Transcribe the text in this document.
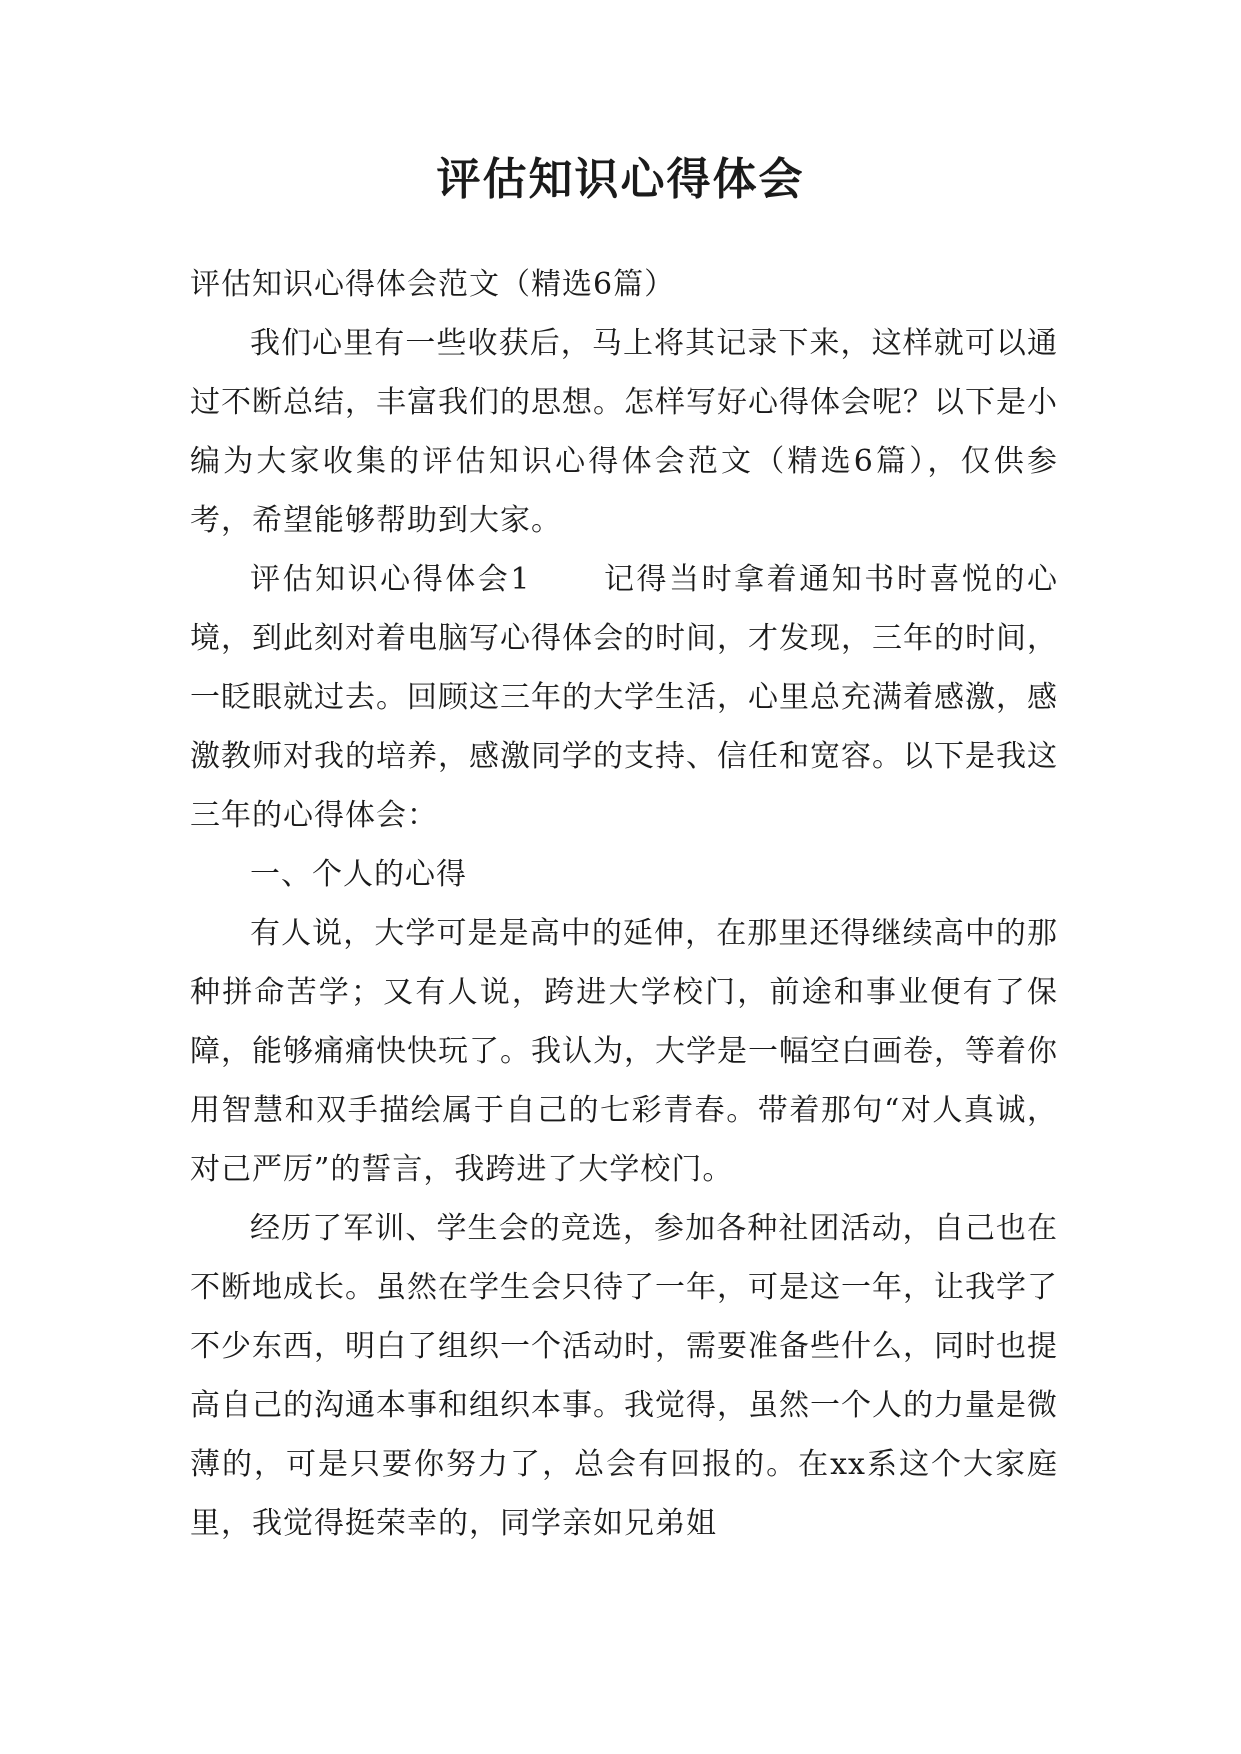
评估知识心得体会

评估知识心得体会范文（精选6篇）

我们心里有一些收获后，马上将其记录下来，这样就可以通过不断总结，丰富我们的思想。怎样写好心得体会呢？以下是小编为大家收集的评估知识心得体会范文（精选6篇），仅供参考，希望能够帮助到大家。

评估知识心得体会1 记得当时拿着通知书时喜悦的心境，到此刻对着电脑写心得体会的时间，才发现，三年的时间，一眨眼就过去。回顾这三年的大学生活，心里总充满着感激，感激教师对我的培养，感激同学的支持、信任和宽容。以下是我这三年的心得体会：

一、个人的心得

有人说，大学可是是高中的延伸，在那里还得继续高中的那种拼命苦学；又有人说，跨进大学校门，前途和事业便有了保障，能够痛痛快快玩了。我认为，大学是一幅空白画卷，等着你用智慧和双手描绘属于自己的七彩青春。带着那句“对人真诚，对己严厉”的誓言，我跨进了大学校门。

经历了军训、学生会的竞选，参加各种社团活动，自己也在不断地成长。虽然在学生会只待了一年，可是这一年，让我学了不少东西，明白了组织一个活动时，需要准备些什么，同时也提高自己的沟通本事和组织本事。我觉得，虽然一个人的力量是微薄的，可是只要你努力了，总会有回报的。在xx系这个大家庭里，我觉得挺荣幸的，同学亲如兄弟姐
